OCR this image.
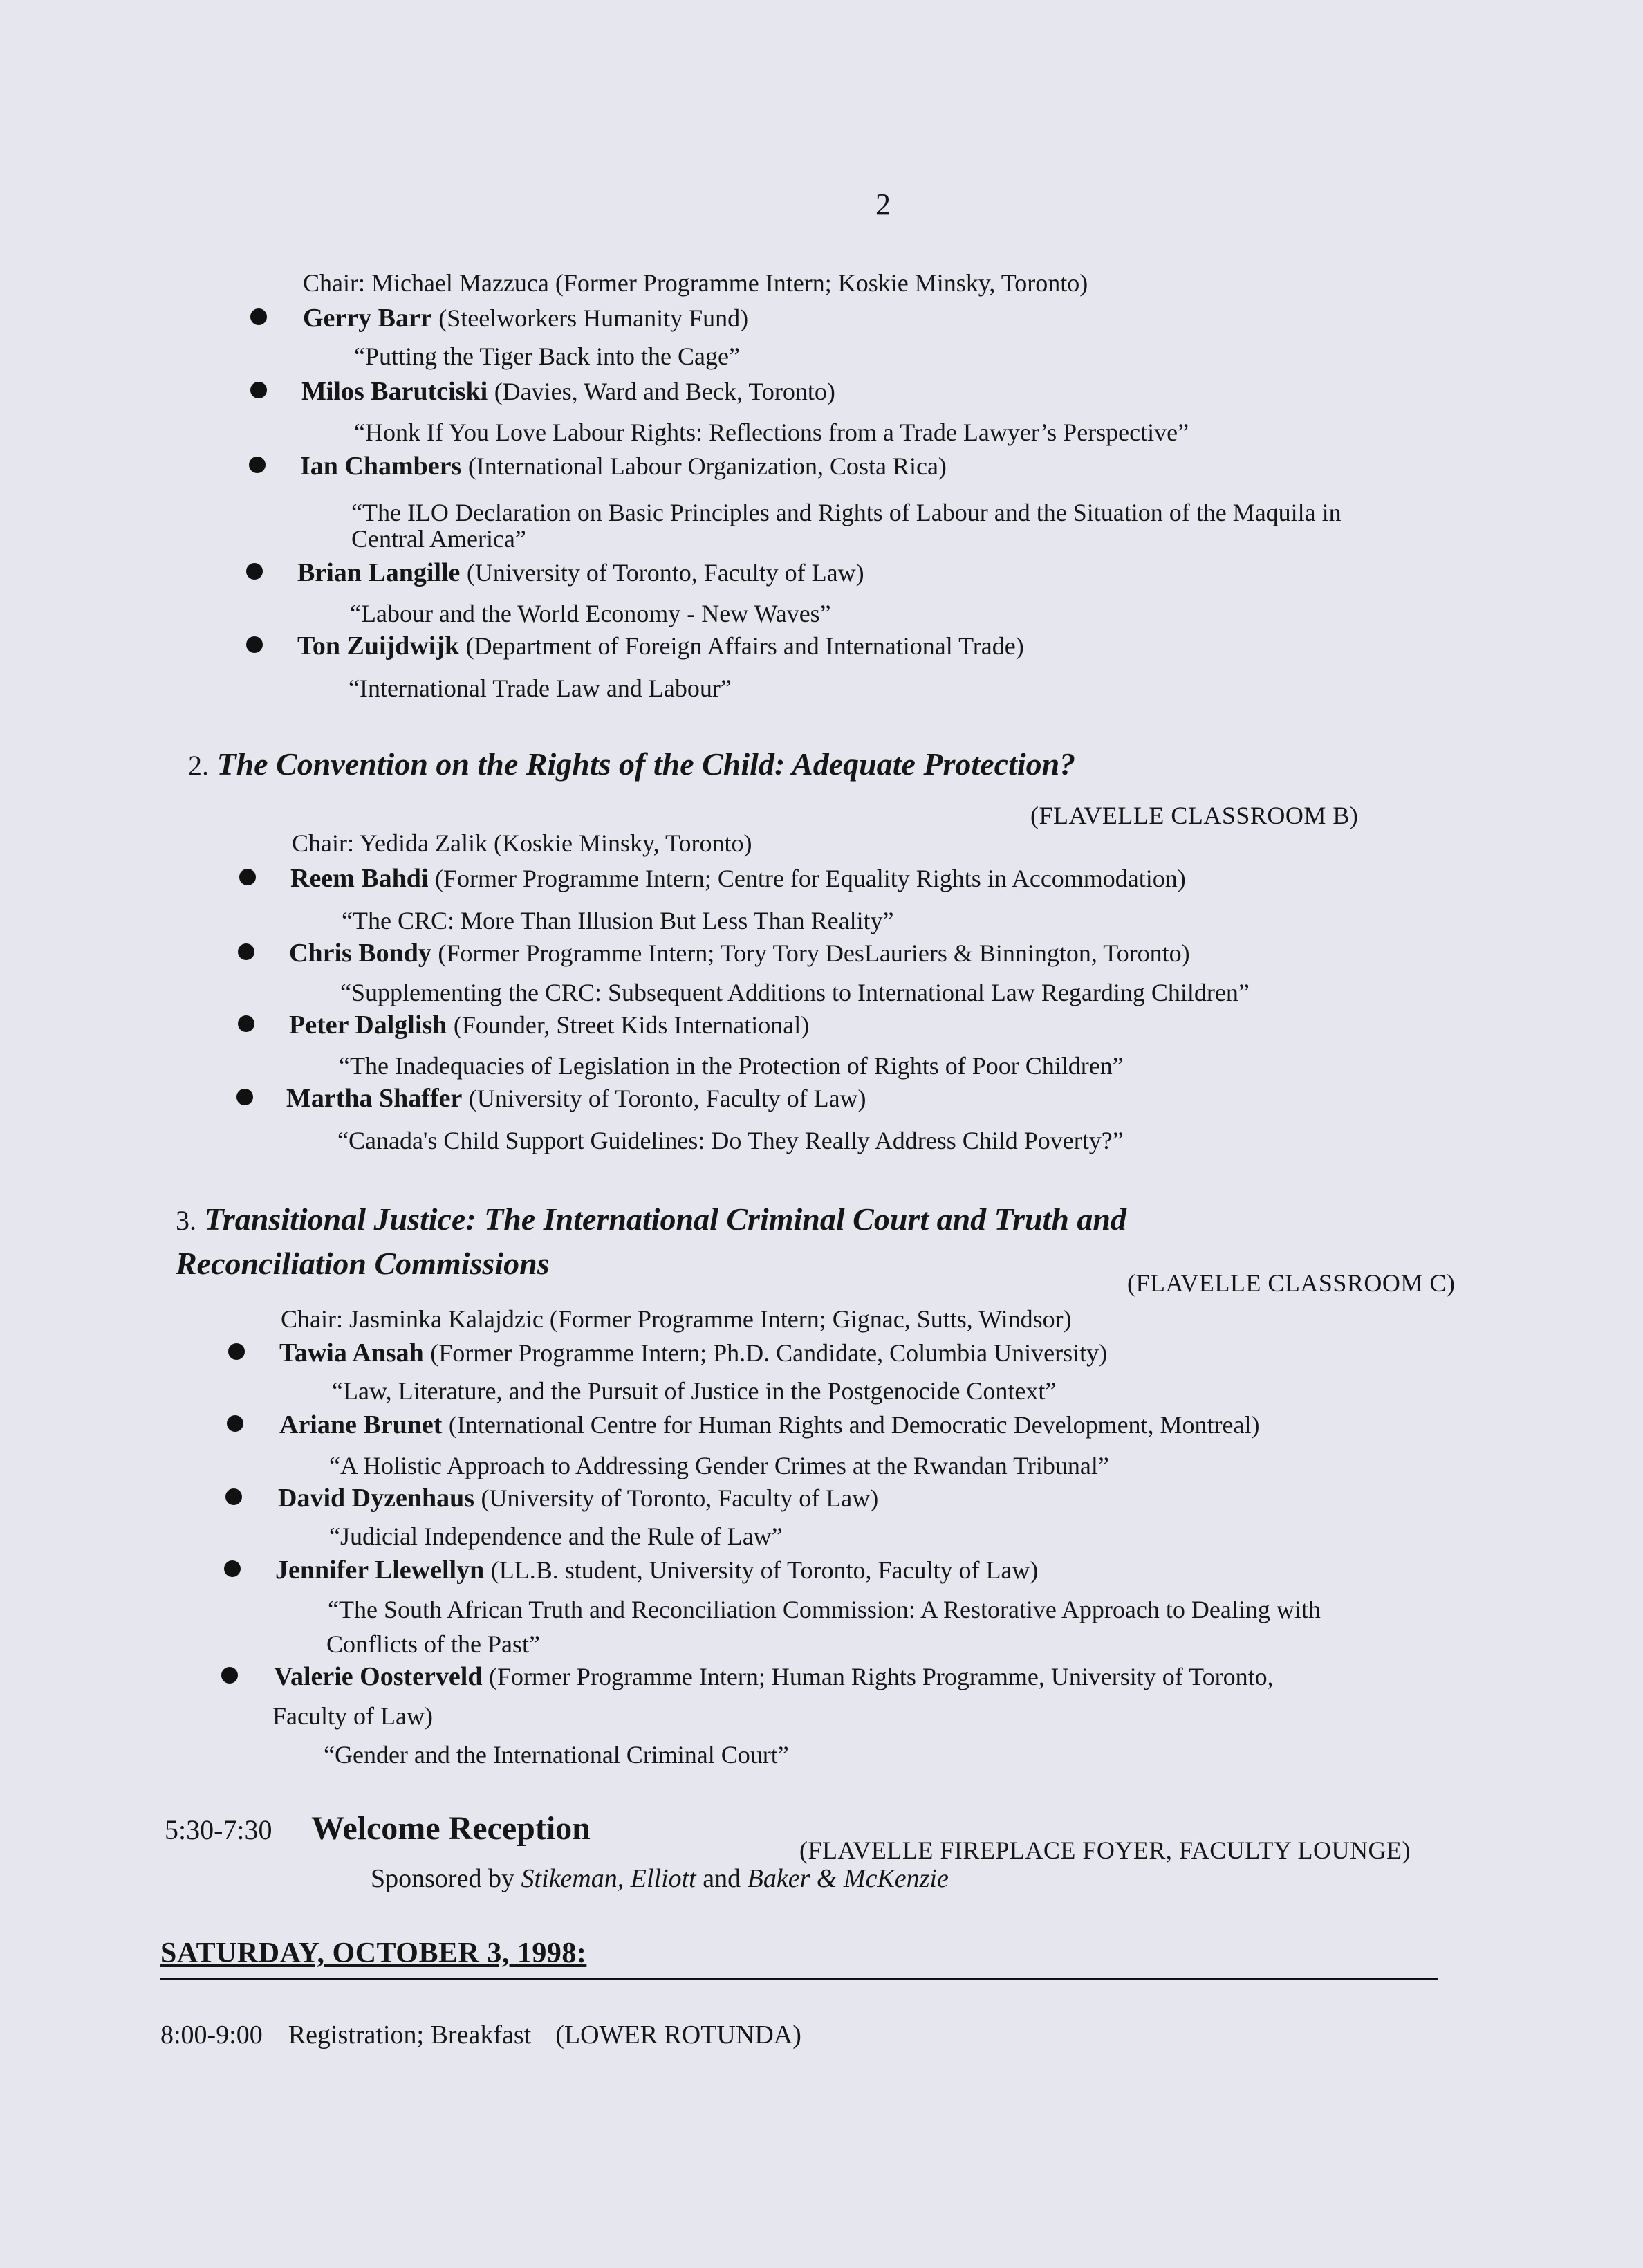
2
Chair: Michael Mazzuca (Former Programme Intern; Koskie Minsky, Toronto)
Gerry Barr (Steelworkers Humanity Fund)
“Putting the Tiger Back into the Cage”
Milos Barutciski (Davies, Ward and Beck, Toronto)
“Honk If You Love Labour Rights: Reflections from a Trade Lawyer’s Perspective”
Ian Chambers (International Labour Organization, Costa Rica)
“The ILO Declaration on Basic Principles and Rights of Labour and the Situation of the Maquila in
Central America”
Brian Langille (University of Toronto, Faculty of Law)
“Labour and the World Economy - New Waves”
Ton Zuijdwijk (Department of Foreign Affairs and International Trade)
“International Trade Law and Labour”
2. The Convention on the Rights of the Child: Adequate Protection?
(FLAVELLE CLASSROOM B)
Chair: Yedida Zalik (Koskie Minsky, Toronto)
Reem Bahdi (Former Programme Intern; Centre for Equality Rights in Accommodation)
“The CRC: More Than Illusion But Less Than Reality”
Chris Bondy (Former Programme Intern; Tory Tory DesLauriers & Binnington, Toronto)
“Supplementing the CRC: Subsequent Additions to International Law Regarding Children”
Peter Dalglish (Founder, Street Kids International)
“The Inadequacies of Legislation in the Protection of Rights of Poor Children”
Martha Shaffer (University of Toronto, Faculty of Law)
“Canada's Child Support Guidelines: Do They Really Address Child Poverty?”
3. Transitional Justice: The International Criminal Court and Truth and
Reconciliation Commissions
(FLAVELLE CLASSROOM C)
Chair: Jasminka Kalajdzic (Former Programme Intern; Gignac, Sutts, Windsor)
Tawia Ansah (Former Programme Intern; Ph.D. Candidate, Columbia University)
“Law, Literature, and the Pursuit of Justice in the Postgenocide Context”
Ariane Brunet (International Centre for Human Rights and Democratic Development, Montreal)
“A Holistic Approach to Addressing Gender Crimes at the Rwandan Tribunal”
David Dyzenhaus (University of Toronto, Faculty of Law)
“Judicial Independence and the Rule of Law”
Jennifer Llewellyn (LL.B. student, University of Toronto, Faculty of Law)
“The South African Truth and Reconciliation Commission: A Restorative Approach to Dealing with
Conflicts of the Past”
Valerie Oosterveld (Former Programme Intern; Human Rights Programme, University of Toronto,
Faculty of Law)
“Gender and the International Criminal Court”
5:30-7:30 Welcome Reception
(FLAVELLE FIREPLACE FOYER, FACULTY LOUNGE)
Sponsored by Stikeman, Elliott and Baker & McKenzie
SATURDAY, OCTOBER 3, 1998:
8:00-9:00 Registration; Breakfast (LOWER ROTUNDA)
